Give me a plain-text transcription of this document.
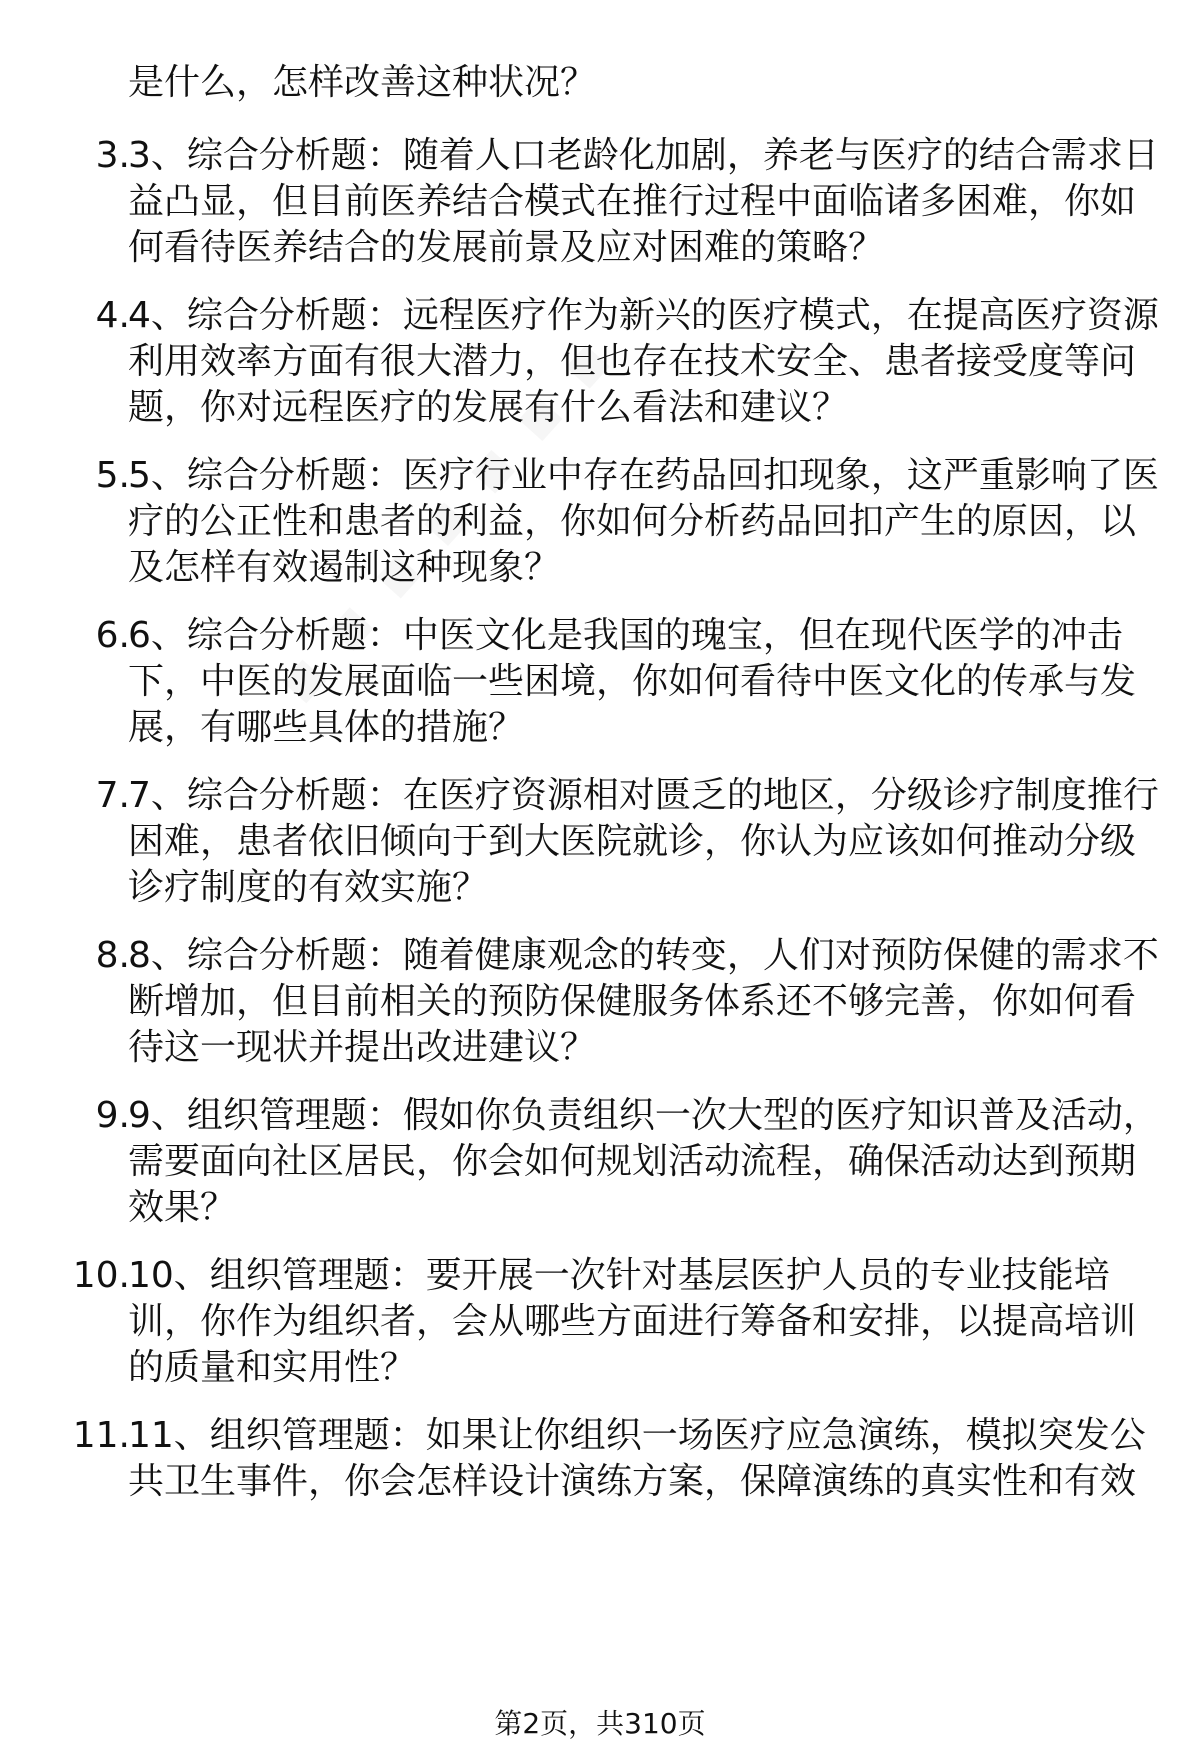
是什么，怎样改善这种状况？
3.
3、综合分析题：随着人口老龄化加剧，养老与医疗的结合需求日益凸显，但目前医养结合模式在推行过程中面临诸多困难，你如何看待医养结合的发展前景及应对困难的策略？
4.
4、综合分析题：远程医疗作为新兴的医疗模式，在提高医疗资源利用效率方面有很大潜力，但也存在技术安全、患者接受度等问题，你对远程医疗的发展有什么看法和建议？
5.
5、综合分析题：医疗行业中存在药品回扣现象，这严重影响了医疗的公正性和患者的利益，你如何分析药品回扣产生的原因，以及怎样有效遏制这种现象？
6.
6、综合分析题：中医文化是我国的瑰宝，但在现代医学的冲击下，中医的发展面临一些困境，你如何看待中医文化的传承与发展，有哪些具体的措施？
7.
7、综合分析题：在医疗资源相对匮乏的地区，分级诊疗制度推行困难，患者依旧倾向于到大医院就诊，你认为应该如何推动分级诊疗制度的有效实施？
8.
8、综合分析题：随着健康观念的转变，人们对预防保健的需求不断增加，但目前相关的预防保健服务体系还不够完善，你如何看待这一现状并提出改进建议？
9.
9、组织管理题：假如你负责组织一次大型的医疗知识普及活动，需要面向社区居民，你会如何规划活动流程，确保活动达到预期效果？
10.
10、组织管理题：要开展一次针对基层医护人员的专业技能培训，你作为组织者，会从哪些方面进行筹备和安排，以提高培训的质量和实用性？
11.
11、组织管理题：如果让你组织一场医疗应急演练，模拟突发公共卫生事件，你会怎样设计演练方案，保障演练的真实性和有效
第2页，共310页
